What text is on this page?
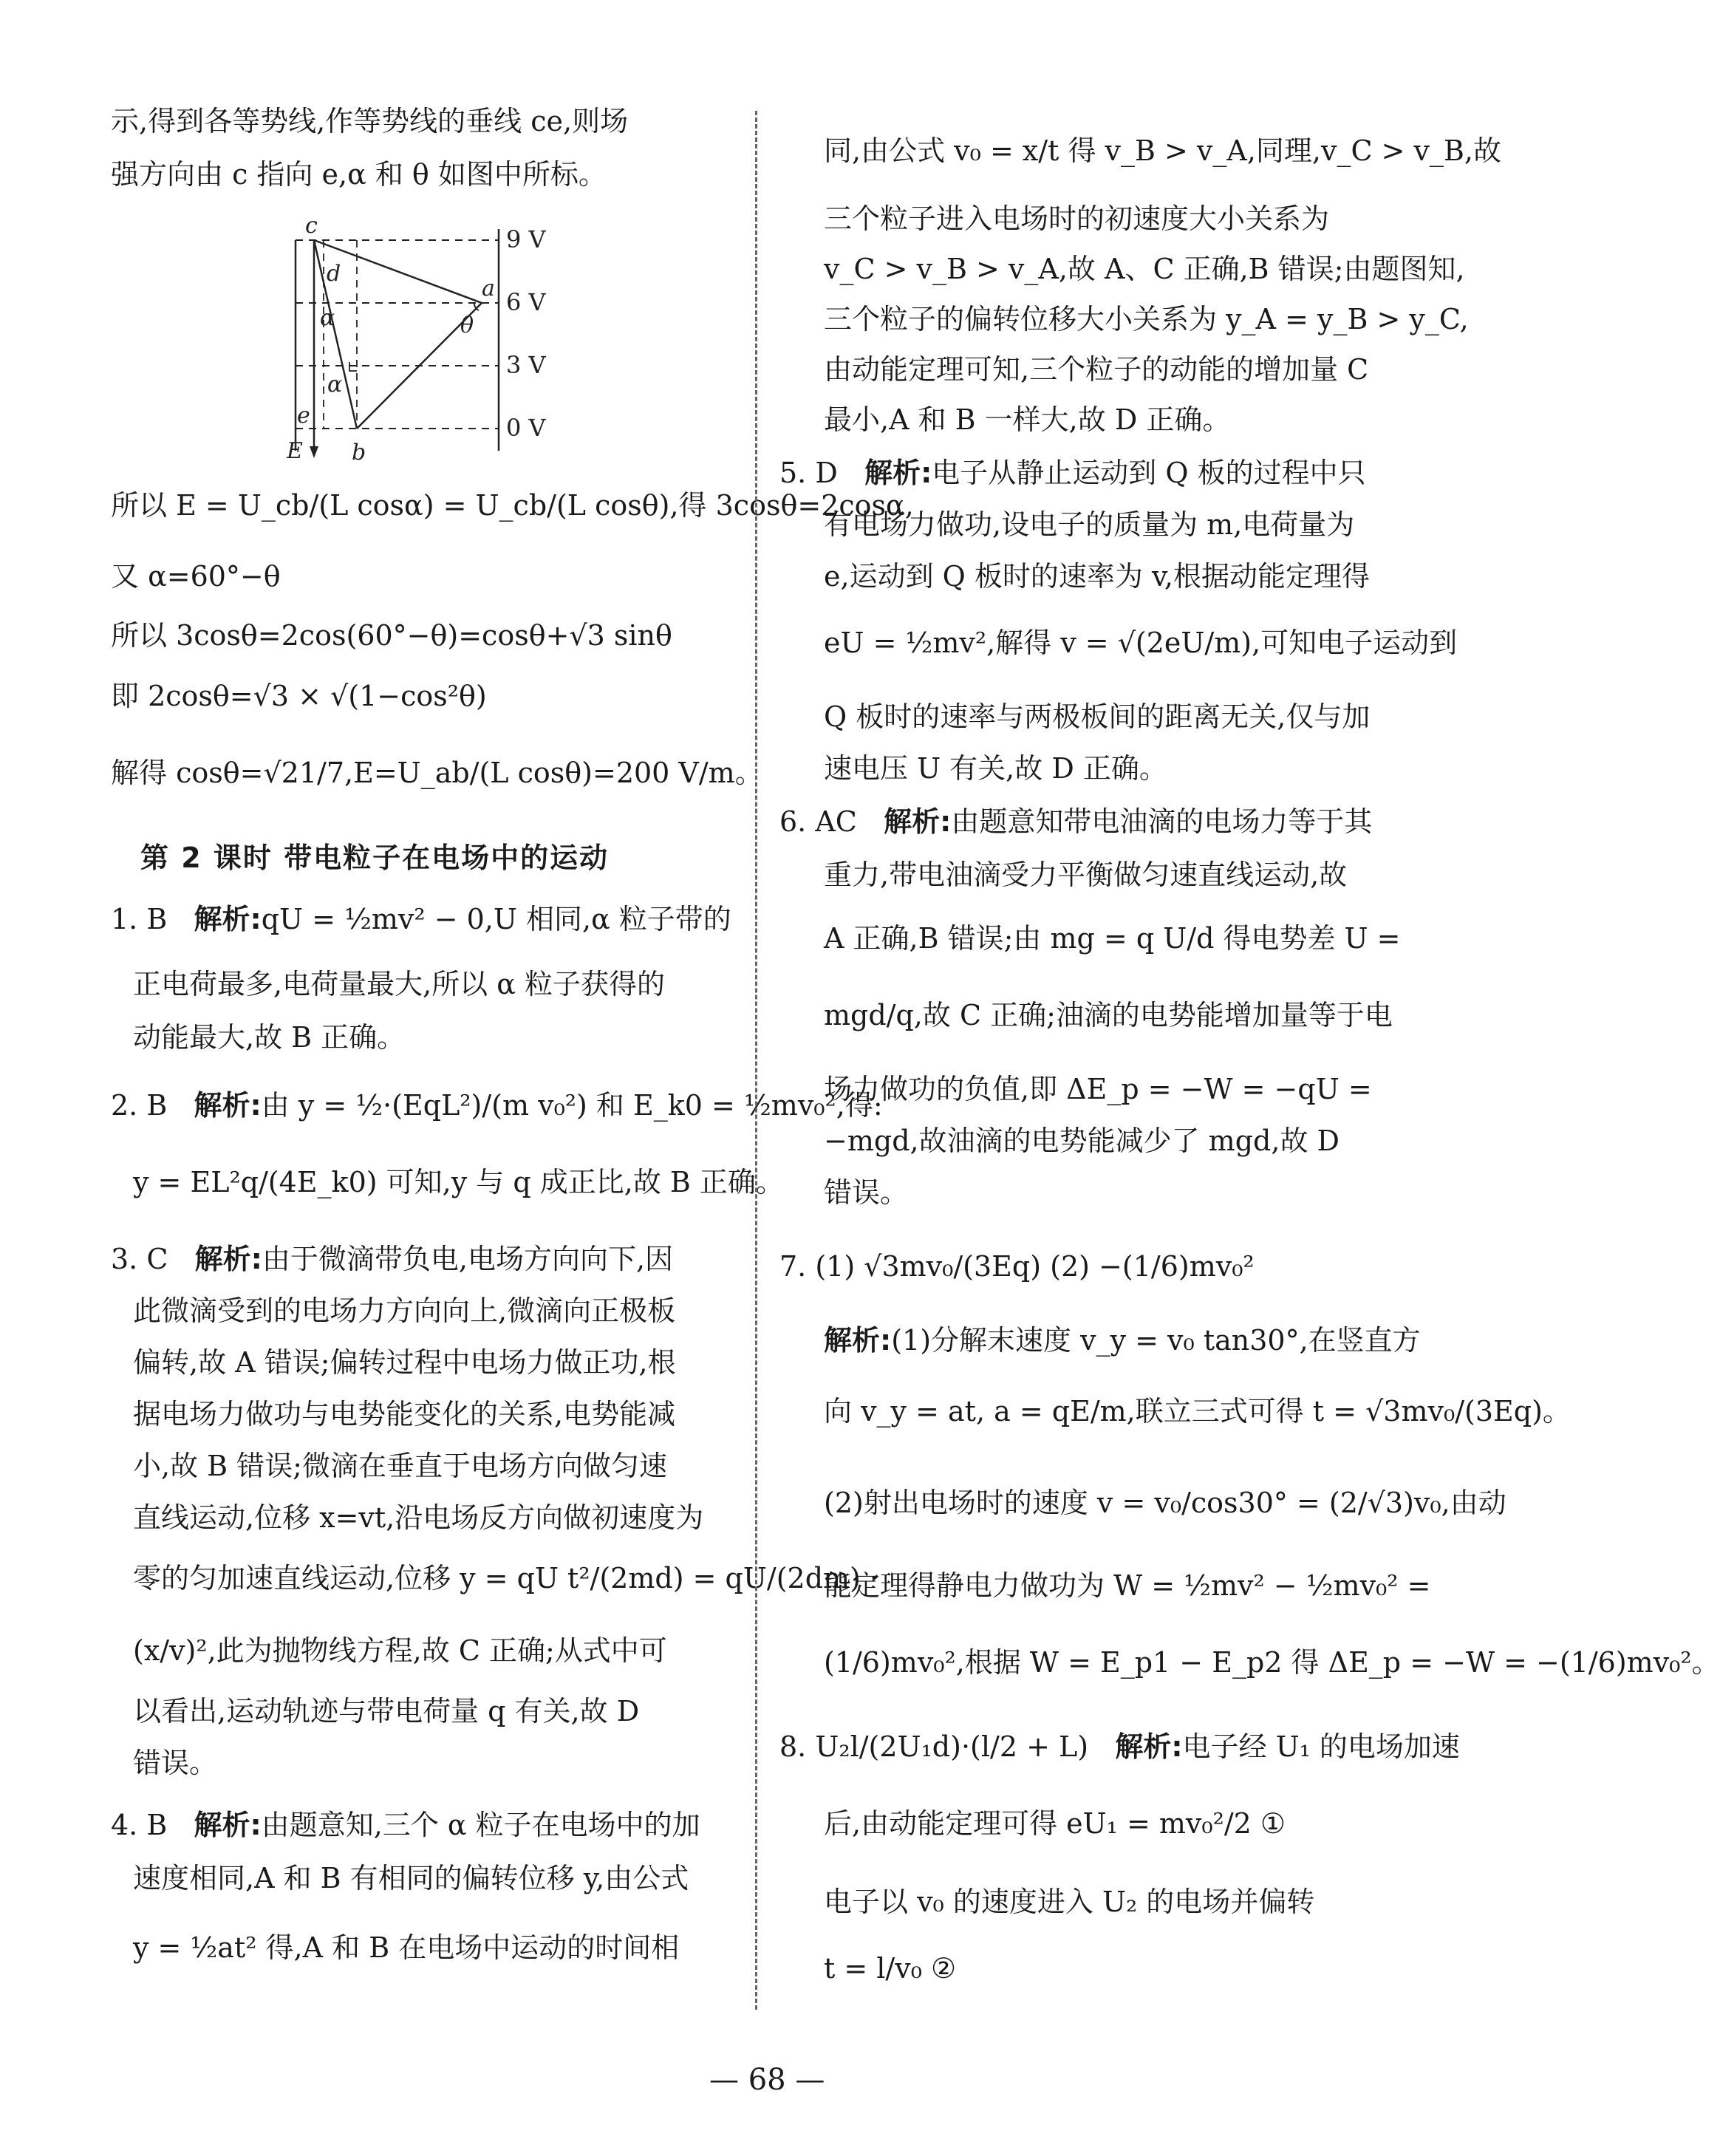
示,得到各等势线,作等势线的垂线 ce,则场
强方向由 c 指向 e,α 和 θ 如图中所标。
c
d
α
α
a
θ
e
E b
9 V
6 V
3 V
0 V
所以 E = U_cb/(L cosα) = U_cb/(L cosθ),得 3cosθ=2cosα,
又 α=60°−θ
所以 3cosθ=2cos(60°−θ)=cosθ+√3 sinθ
即 2cosθ=√3 × √(1−cos²θ)
解得 cosθ=√21/7,E=U_ab/(L cosθ)=200 V/m。
第 2 课时 带电粒子在电场中的运动
1. B 解析:qU = ½mv² − 0,U 相同,α 粒子带的
正电荷最多,电荷量最大,所以 α 粒子获得的
动能最大,故 B 正确。
2. B 解析:由 y = ½·(EqL²)/(m v₀²) 和 E_k0 = ½mv₀²,得:
y = EL²q/(4E_k0) 可知,y 与 q 成正比,故 B 正确。
3. C 解析:由于微滴带负电,电场方向向下,因
此微滴受到的电场力方向向上,微滴向正极板
偏转,故 A 错误;偏转过程中电场力做正功,根
据电场力做功与电势能变化的关系,电势能减
小,故 B 错误;微滴在垂直于电场方向做匀速
直线运动,位移 x=vt,沿电场反方向做初速度为
零的匀加速直线运动,位移 y = qU t²/(2md) = qU/(2dm) ·
(x/v)²,此为抛物线方程,故 C 正确;从式中可
以看出,运动轨迹与带电荷量 q 有关,故 D
错误。
4. B 解析:由题意知,三个 α 粒子在电场中的加
速度相同,A 和 B 有相同的偏转位移 y,由公式
y = ½at² 得,A 和 B 在电场中运动的时间相
同,由公式 v₀ = x/t 得 v_B > v_A,同理,v_C > v_B,故
三个粒子进入电场时的初速度大小关系为
v_C > v_B > v_A,故 A、C 正确,B 错误;由题图知,
三个粒子的偏转位移大小关系为 y_A = y_B > y_C,
由动能定理可知,三个粒子的动能的增加量 C
最小,A 和 B 一样大,故 D 正确。
5. D 解析:电子从静止运动到 Q 板的过程中只
有电场力做功,设电子的质量为 m,电荷量为
e,运动到 Q 板时的速率为 v,根据动能定理得
eU = ½mv²,解得 v = √(2eU/m),可知电子运动到
Q 板时的速率与两极板间的距离无关,仅与加
速电压 U 有关,故 D 正确。
6. AC 解析:由题意知带电油滴的电场力等于其
重力,带电油滴受力平衡做匀速直线运动,故
A 正确,B 错误;由 mg = q U/d 得电势差 U =
mgd/q,故 C 正确;油滴的电势能增加量等于电
场力做功的负值,即 ΔE_p = −W = −qU =
−mgd,故油滴的电势能减少了 mgd,故 D
错误。
7. (1) √3mv₀/(3Eq) (2) −(1/6)mv₀²
解析:(1)分解末速度 v_y = v₀ tan30°,在竖直方
向 v_y = at, a = qE/m,联立三式可得 t = √3mv₀/(3Eq)。
(2)射出电场时的速度 v = v₀/cos30° = (2/√3)v₀,由动
能定理得静电力做功为 W = ½mv² − ½mv₀² =
(1/6)mv₀²,根据 W = E_p1 − E_p2 得 ΔE_p = −W = −(1/6)mv₀²。
8. U₂l/(2U₁d)·(l/2 + L) 解析:电子经 U₁ 的电场加速
后,由动能定理可得 eU₁ = mv₀²/2 ①
电子以 v₀ 的速度进入 U₂ 的电场并偏转
t = l/v₀ ②
— 68 —
